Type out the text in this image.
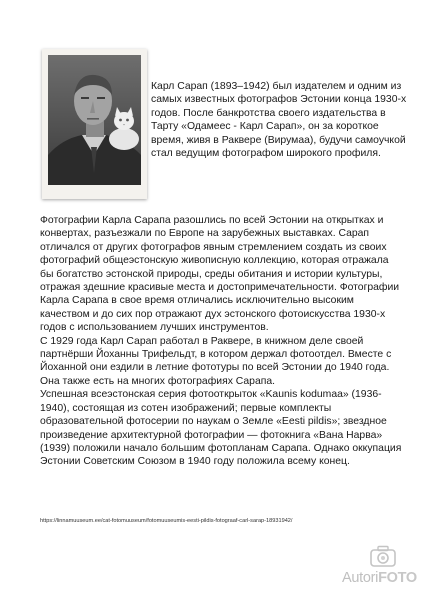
Карл Сарап (1893–1942) был издателем и одним из самых известных фотографов Эстонии конца 1930-х годов. После банкротства своего издательства в Тарту «Одамеес - Карл Сарап», он за короткое время, живя в Раквере (Вирумаа), будучи самоучкой стал ведущим фотографом широкого профиля.

Фотографии Карла Сарапа разошлись по всей Эстонии на открытках и конвертах, разъезжали по Европе на зарубежных выставках. Сарап отличался от других фотографов явным стремлением создать из своих фотографий общеэстонскую живописную коллекцию, которая отражала бы богатство эстонской природы, среды обитания и истории культуры, отражая здешние красивые места и достопримечательности. Фотографии Карла Сарапа в свое время отличались исключительно высоким качеством и до сих пор отражают дух эстонского фотоискусства 1930-х годов с использованием лучших инструментов.

С 1929 года Карл Сарап работал в Раквере, в книжном деле своей партнёрши Йоханны Трифельдт, в котором держал фотоотдел. Вместе с Йоханной они ездили в летние фототуры по всей Эстонии до 1940 года. Она также есть на многих фотографиях Сарапа.

Успешная всеэстонская серия фотооткрыток «Kaunis kodumaa» (1936-1940), состоящая из сотен изображений; первые комплекты образовательной фотосерии по наукам о Земле «Eesti pildis»; звездное произведение архитектурной фотографии — фотокнига «Вана Нарва» (1939) положили начало большим фотопланам Сарапа. Однако оккупация Эстонии Советским Союзом в 1940 году положила всему конец.

https://linnamuuseum.ee/cat-fotomuuseum/fotomuuseumis-eesti-pildis-fotograaf-carl-sarap-18931942/
AutoriFOTO
